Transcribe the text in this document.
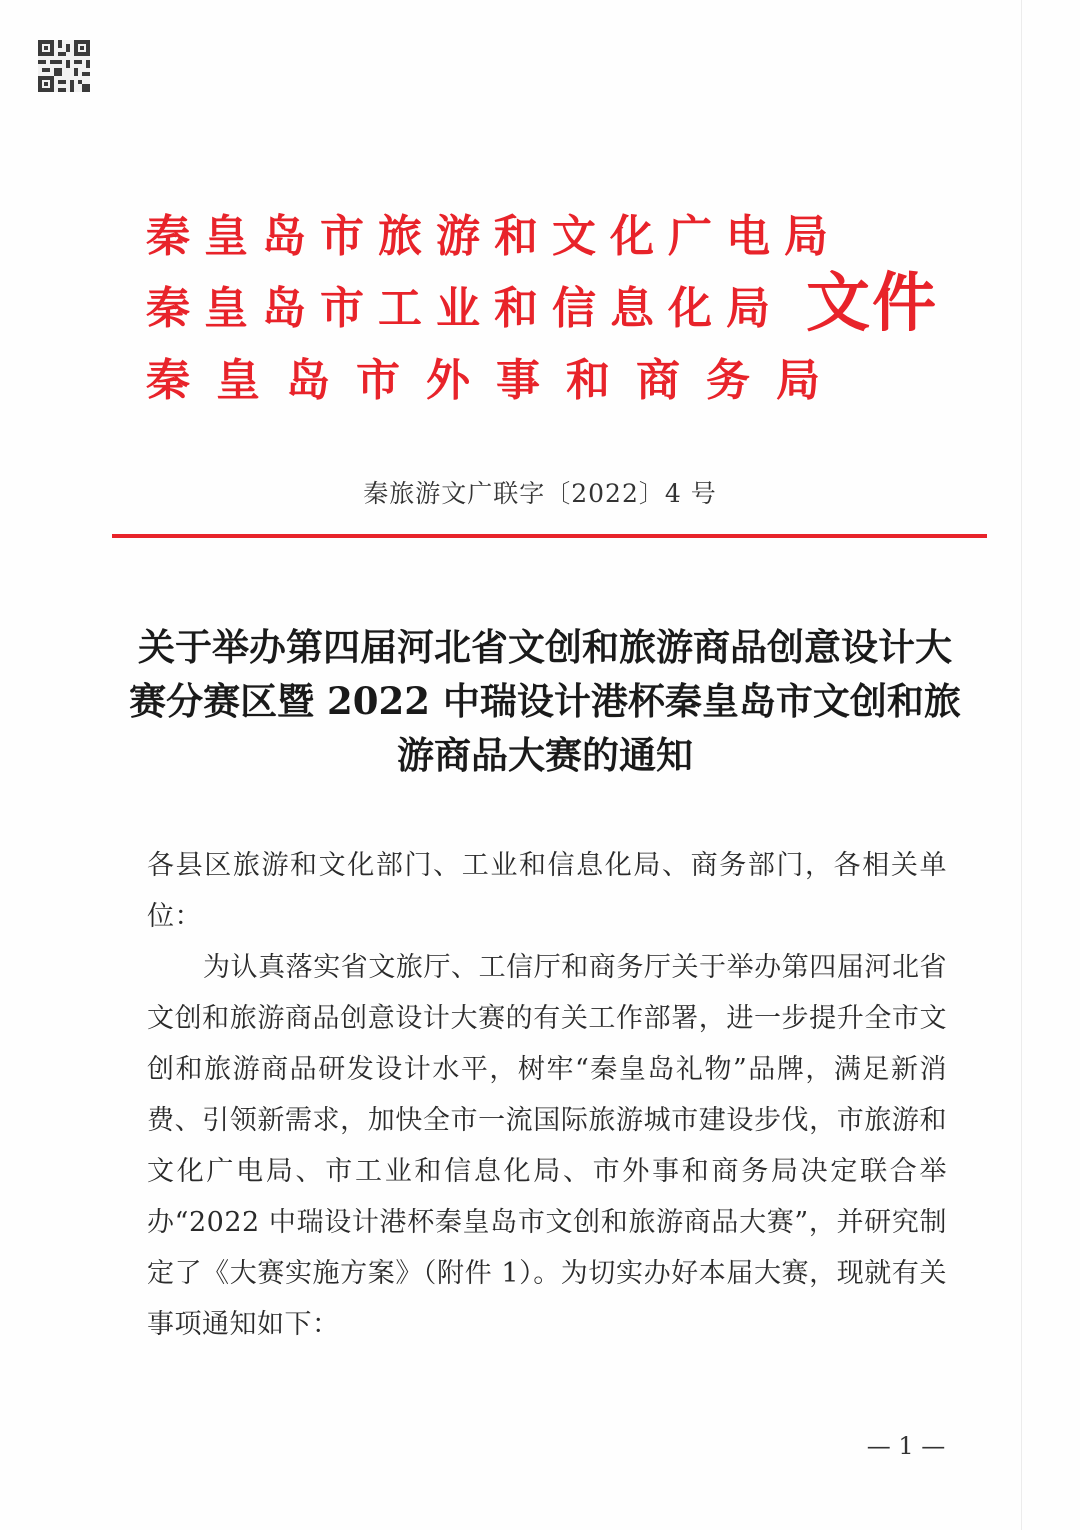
秦皇岛市旅游和文化广电局
秦皇岛市工业和信息化局
秦皇岛市外事和商务局
文件
秦旅游文广联字〔2022〕4 号
关于举办第四届河北省文创和旅游商品创意设计大赛分赛区暨 2022 中瑞设计港杯秦皇岛市文创和旅游商品大赛的通知

各县区旅游和文化部门、工业和信息化局、商务部门，各相关单位：

为认真落实省文旅厅、工信厅和商务厅关于举办第四届河北省文创和旅游商品创意设计大赛的有关工作部署，进一步提升全市文创和旅游商品研发设计水平，树牢“秦皇岛礼物”品牌，满足新消费、引领新需求，加快全市一流国际旅游城市建设步伐，市旅游和文化广电局、市工业和信息化局、市外事和商务局决定联合举办“2022 中瑞设计港杯秦皇岛市文创和旅游商品大赛”，并研究制定了《大赛实施方案》（附件 1）。为切实办好本届大赛，现就有关事项通知如下：

— 1 —
